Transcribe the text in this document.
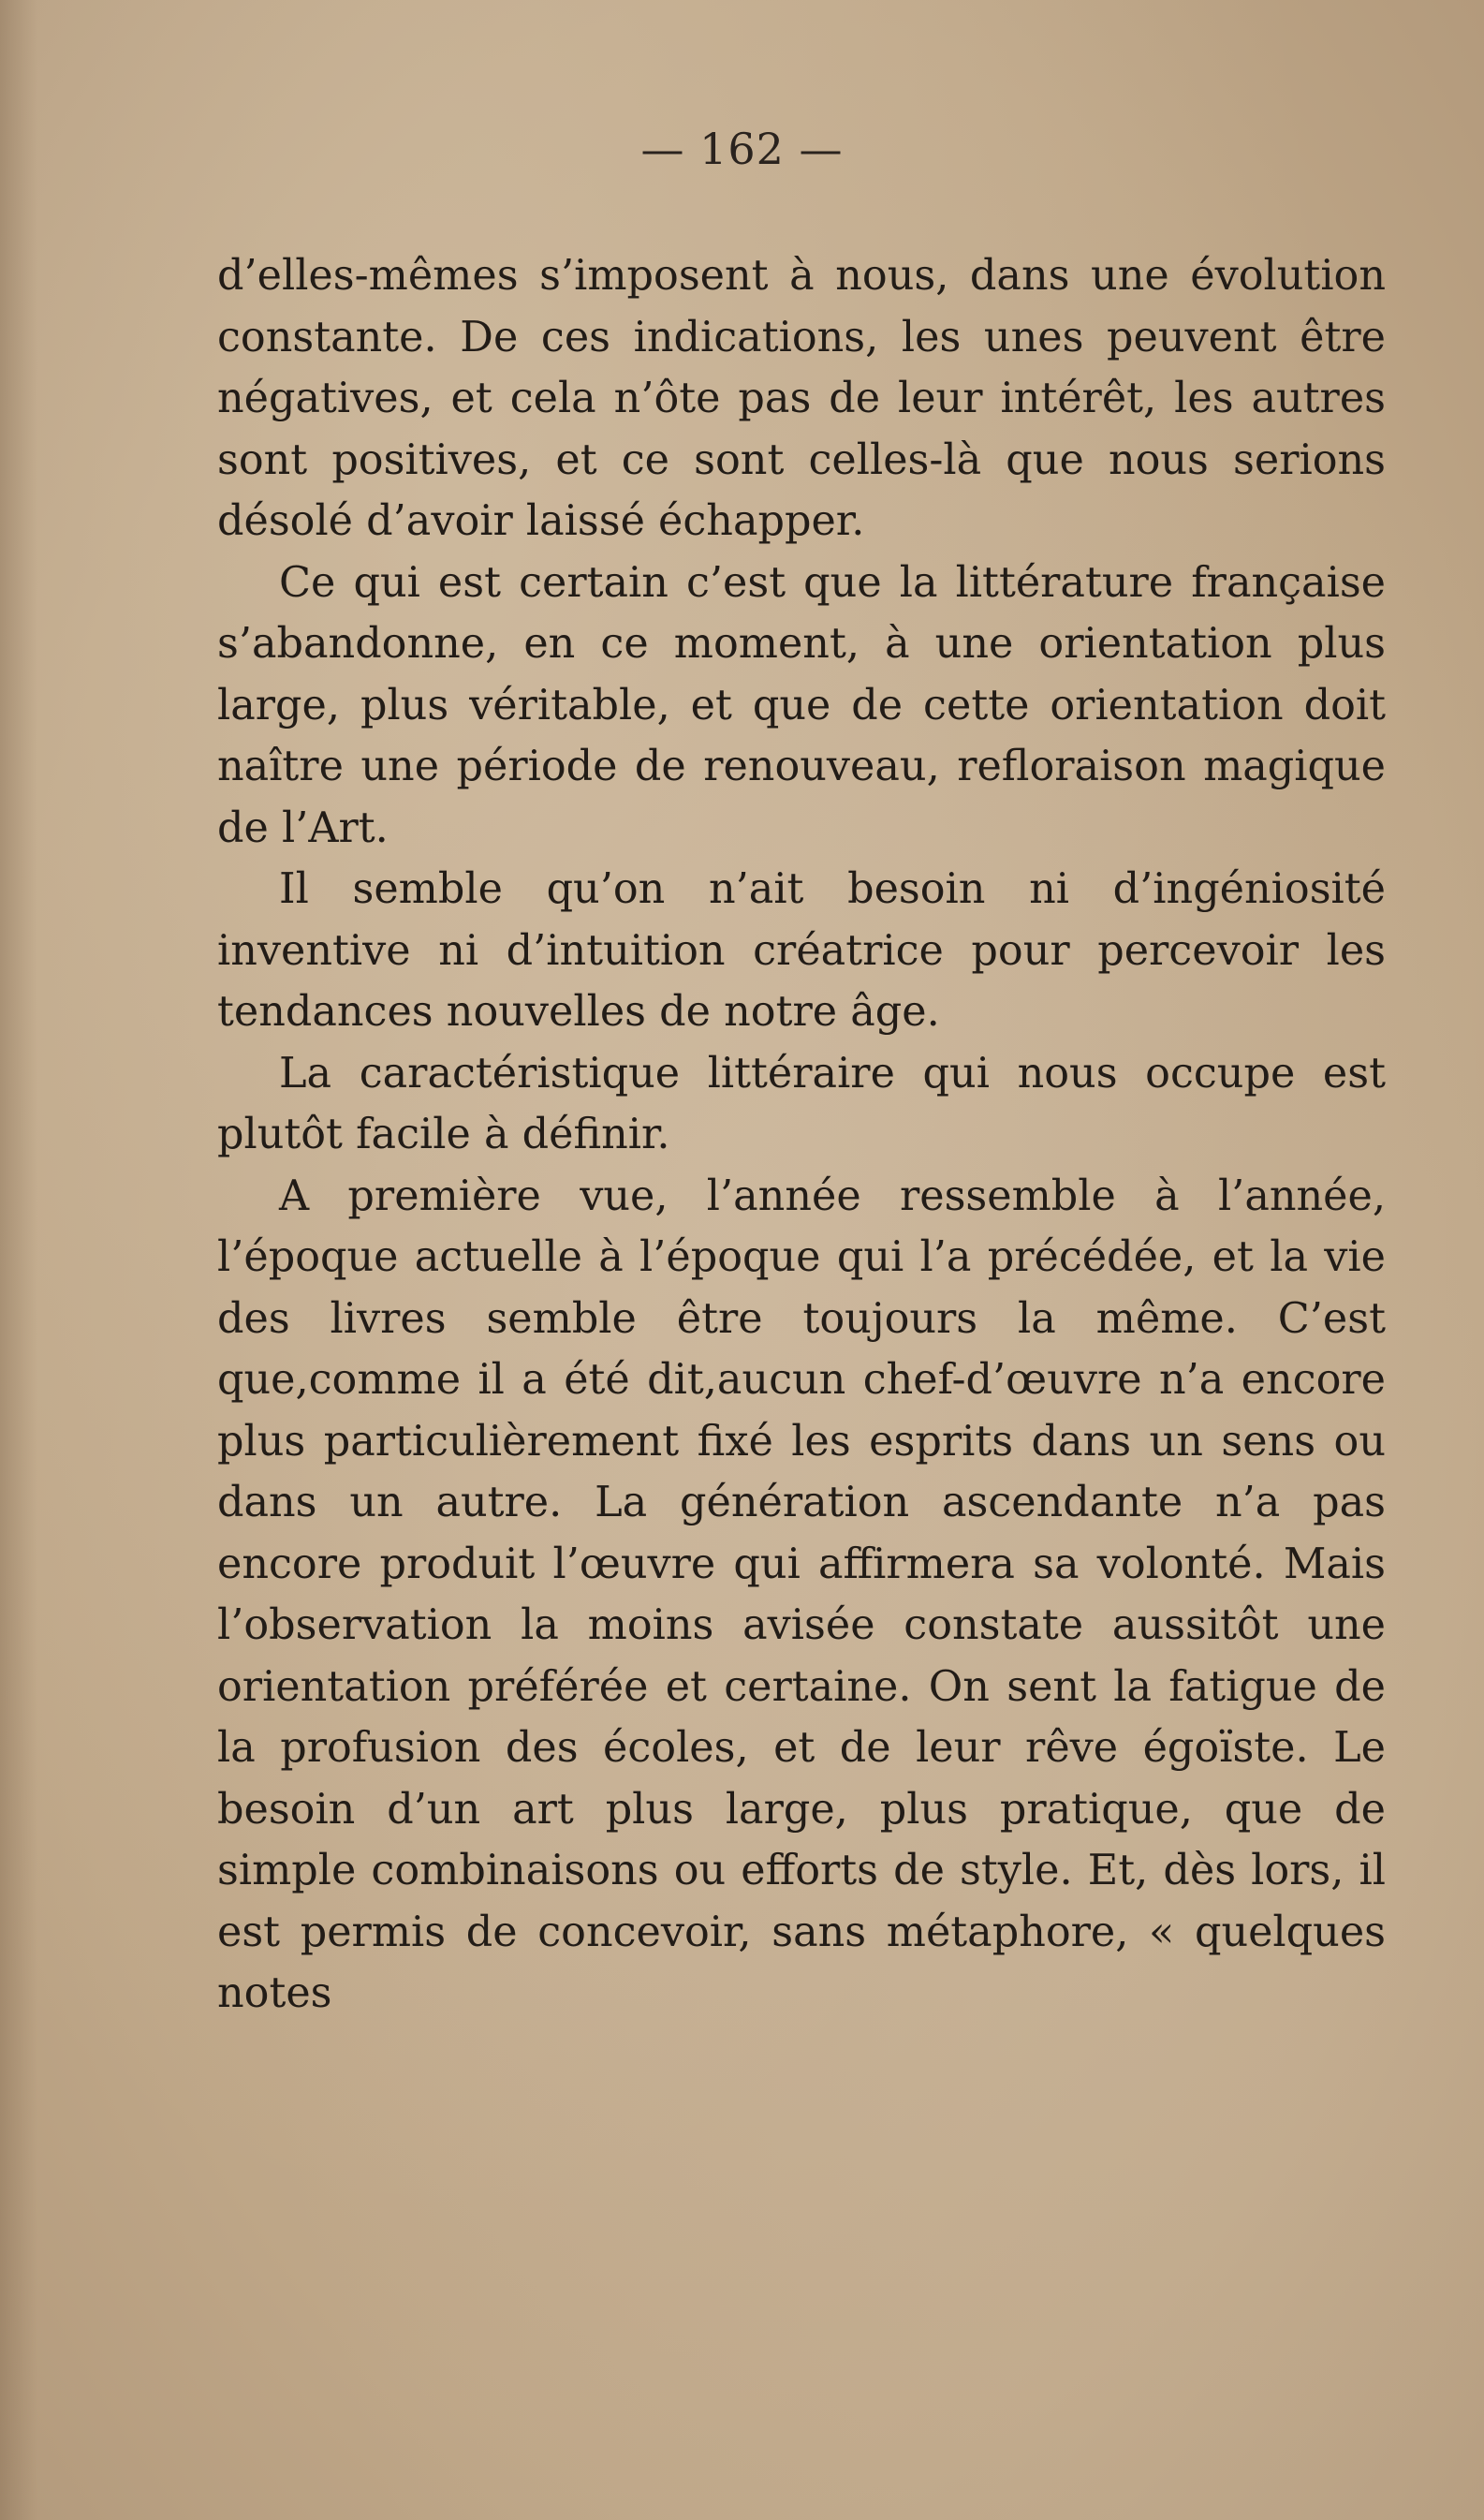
— 162 —

d’elles-mêmes s’imposent à nous, dans une évolution constante. De ces indications, les unes peuvent être négatives, et cela n’ôte pas de leur intérêt, les autres sont positives, et ce sont celles-là que nous serions désolé d’avoir laissé échapper.

Ce qui est certain c’est que la littérature française s’abandonne, en ce moment, à une orientation plus large, plus véritable, et que de cette orientation doit naître une période de renouveau, refloraison magique de l’Art.

Il semble qu’on n’ait besoin ni d’ingéniosité inventive ni d’intuition créatrice pour percevoir les tendances nouvelles de notre âge.

La caractéristique littéraire qui nous occupe est plutôt facile à définir.

A première vue, l’année ressemble à l’année, l’époque actuelle à l’époque qui l’a précédée, et la vie des livres semble être toujours la même. C’est que,comme il a été dit,aucun chef-d’œuvre n’a encore plus particulièrement fixé les esprits dans un sens ou dans un autre. La génération ascendante n’a pas encore produit l’œuvre qui affirmera sa volonté. Mais l’observation la moins avisée constate aussitôt une orientation préférée et certaine. On sent la fatigue de la profusion des écoles, et de leur rêve égoïste. Le besoin d’un art plus large, plus pratique, que de simple combinaisons ou efforts de style. Et, dès lors, il est permis de concevoir, sans métaphore, « quelques notes
